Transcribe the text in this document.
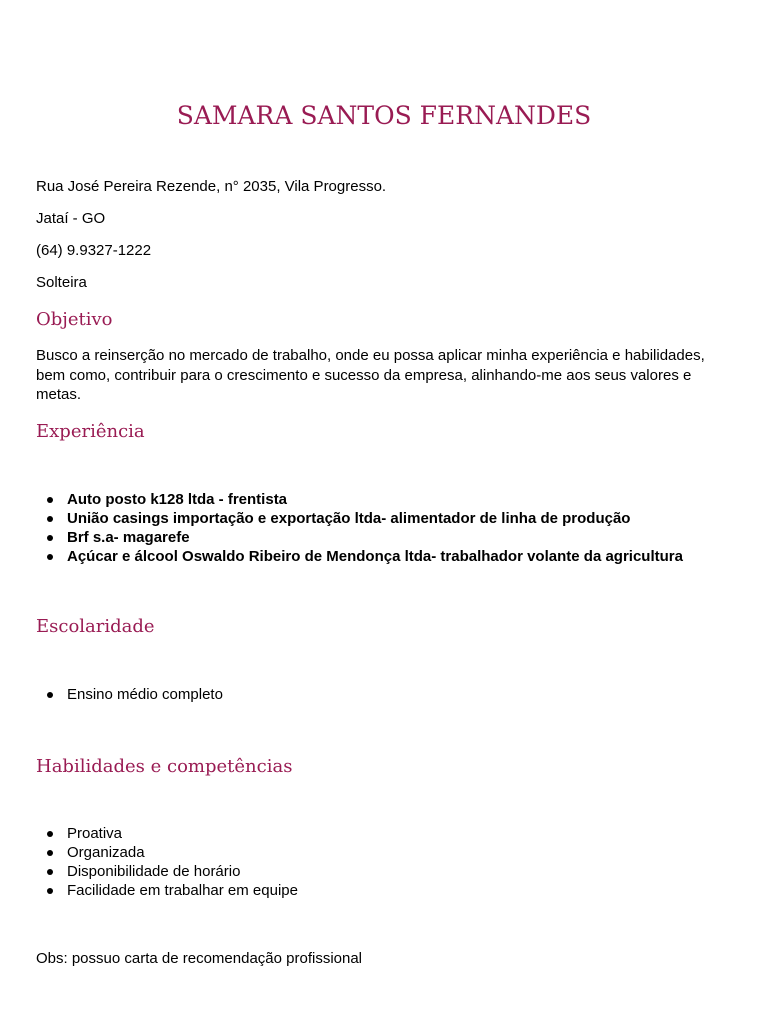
SAMARA SANTOS FERNANDES
Rua José Pereira Rezende, n° 2035, Vila Progresso.
Jataí - GO
(64) 9.9327-1222
Solteira
Objetivo
Busco a reinserção no mercado de trabalho, onde eu possa aplicar minha experiência e habilidades, bem como, contribuir para o crescimento e sucesso da empresa, alinhando-me aos seus valores e metas.
Experiência
Auto posto k128 ltda - frentista
União casings importação e exportação ltda- alimentador de linha de produção
Brf s.a- magarefe
Açúcar e álcool Oswaldo Ribeiro de Mendonça ltda- trabalhador volante da agricultura
Escolaridade
Ensino médio completo
Habilidades e competências
Proativa
Organizada
Disponibilidade de horário
Facilidade em trabalhar em equipe
Obs: possuo carta de recomendação profissional
